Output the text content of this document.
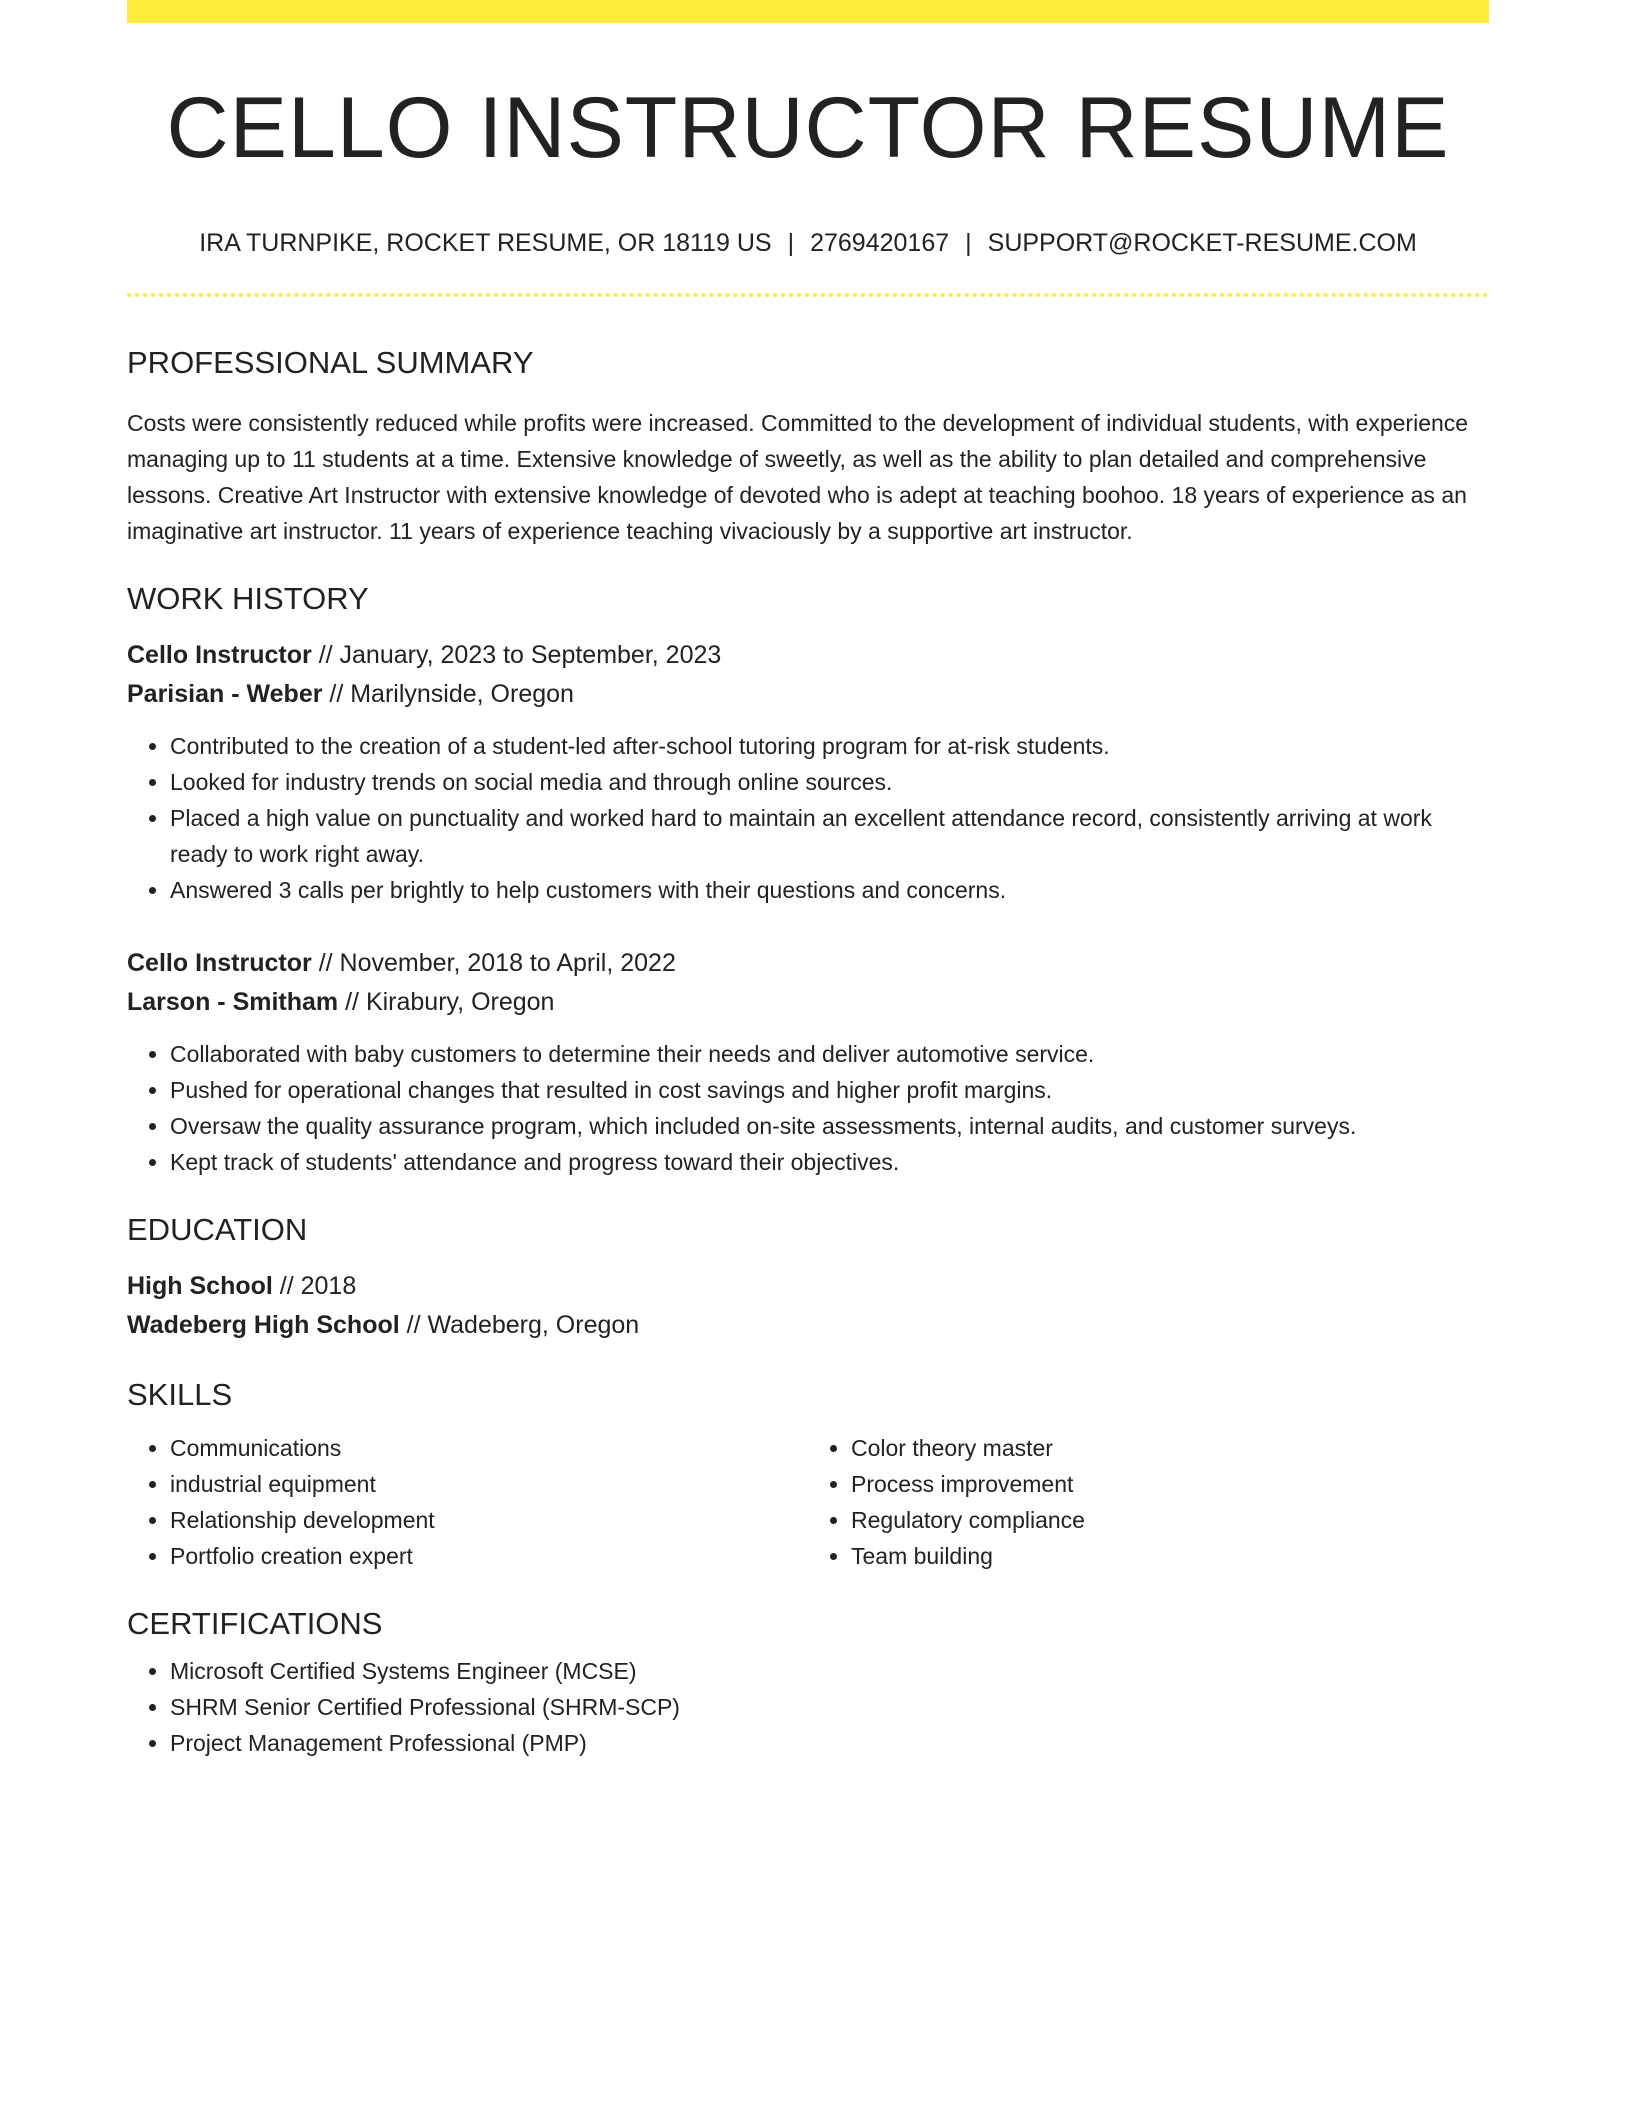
CELLO INSTRUCTOR RESUME
IRA TURNPIKE, ROCKET RESUME, OR 18119 US | 2769420167 | SUPPORT@ROCKET-RESUME.COM
PROFESSIONAL SUMMARY
Costs were consistently reduced while profits were increased. Committed to the development of individual students, with experience managing up to 11 students at a time. Extensive knowledge of sweetly, as well as the ability to plan detailed and comprehensive lessons. Creative Art Instructor with extensive knowledge of devoted who is adept at teaching boohoo. 18 years of experience as an imaginative art instructor. 11 years of experience teaching vivaciously by a supportive art instructor.
WORK HISTORY
Cello Instructor // January, 2023 to September, 2023
Parisian - Weber // Marilynside, Oregon
• Contributed to the creation of a student-led after-school tutoring program for at-risk students.
• Looked for industry trends on social media and through online sources.
• Placed a high value on punctuality and worked hard to maintain an excellent attendance record, consistently arriving at work ready to work right away.
• Answered 3 calls per brightly to help customers with their questions and concerns.
Cello Instructor // November, 2018 to April, 2022
Larson - Smitham // Kirabury, Oregon
• Collaborated with baby customers to determine their needs and deliver automotive service.
• Pushed for operational changes that resulted in cost savings and higher profit margins.
• Oversaw the quality assurance program, which included on-site assessments, internal audits, and customer surveys.
• Kept track of students' attendance and progress toward their objectives.
EDUCATION
High School // 2018
Wadeberg High School // Wadeberg, Oregon
SKILLS
• Communications
• industrial equipment
• Relationship development
• Portfolio creation expert
• Color theory master
• Process improvement
• Regulatory compliance
• Team building
CERTIFICATIONS
• Microsoft Certified Systems Engineer (MCSE)
• SHRM Senior Certified Professional (SHRM-SCP)
• Project Management Professional (PMP)
